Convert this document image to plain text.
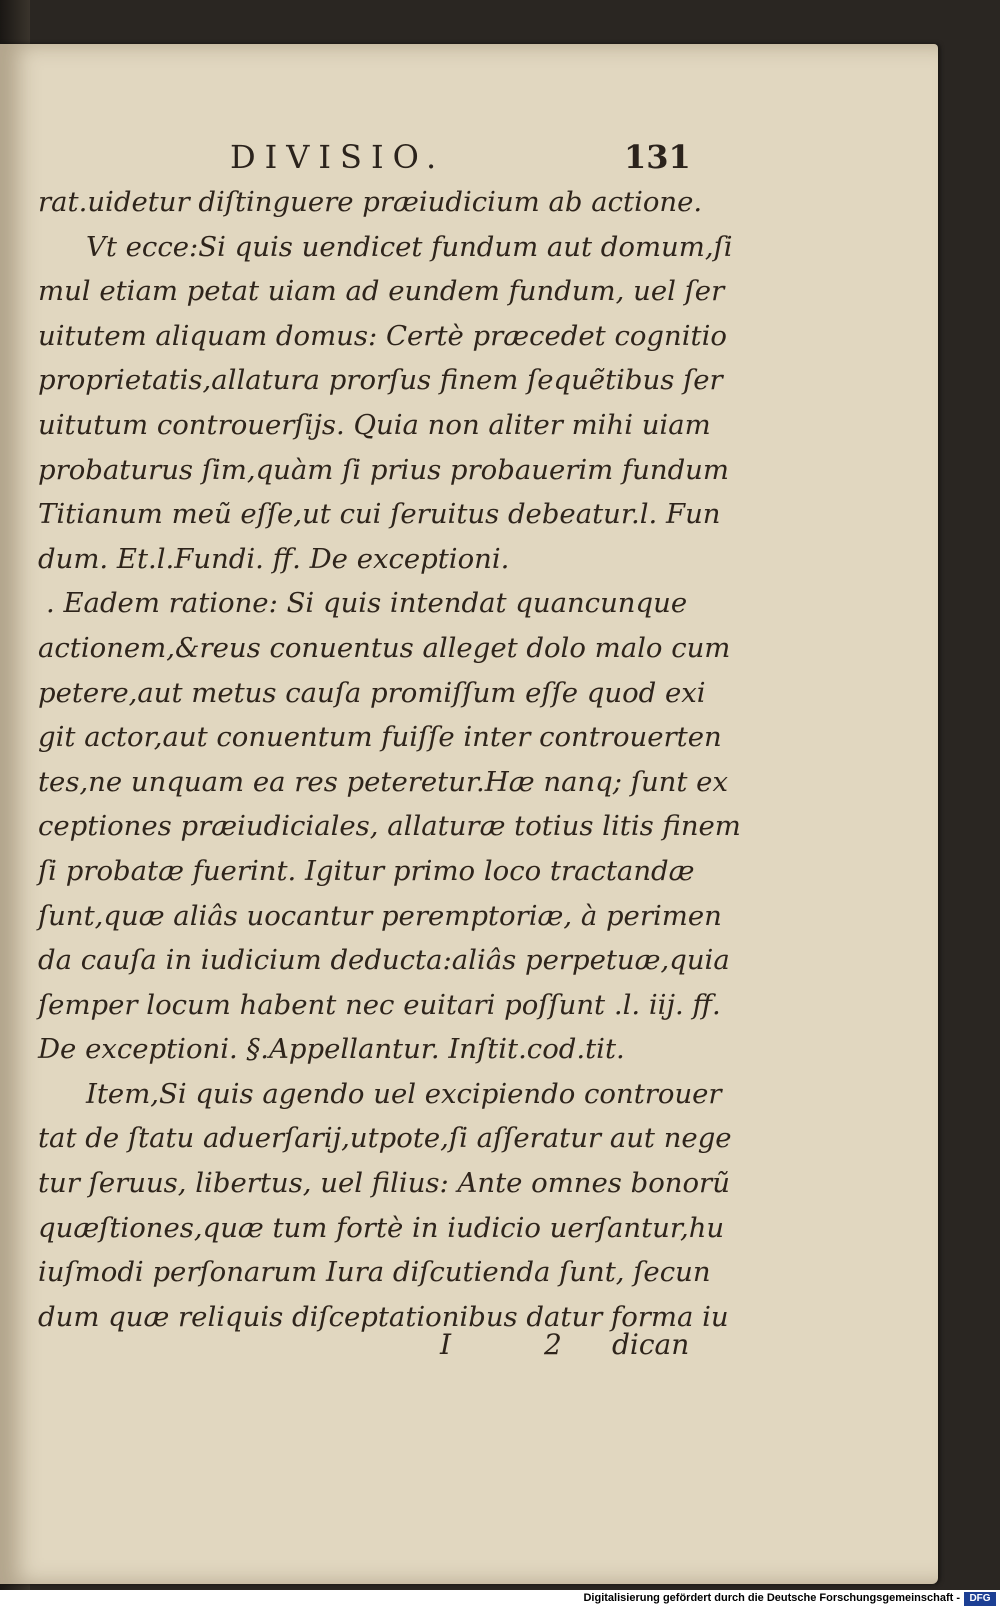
DIVISIO.	131
rat.uidetur diſtinguere præiudicium ab actione.
Vt ecce:Si quis uendicet fundum aut domum,ſi
mul etiam petat uiam ad eundem fundum, uel ſer
uitutem aliquam domus: Certè præcedet cognitio
proprietatis,allatura prorſus finem ſequẽtibus ſer
uitutum controuerſijs. Quia non aliter mihi uiam
probaturus ſim,quàm ſi prius probauerim fundum
Titianum meũ eſſe,ut cui ſeruitus debeatur.l. Fun
dum. Et.l.Fundi. ff. De exceptioni.
. Eadem ratione: Si quis intendat quancunque
actionem,&reus conuentus alleget dolo malo cum
petere,aut metus cauſa promiſſum eſſe quod exi
git actor,aut conuentum fuiſſe inter controuerten
tes,ne unquam ea res peteretur.Hæ nanq; ſunt ex
ceptiones præiudiciales, allaturæ totius litis finem
ſi probatæ fuerint. Igitur primo loco tractandæ
ſunt,quæ aliâs uocantur peremptoriæ, à perimen
da cauſa in iudicium deducta:aliâs perpetuæ,quia
ſemper locum habent nec euitari poſſunt .l. iij. ff.
De exceptioni. §.Appellantur. Inſtit.cod.tit.
Item,Si quis agendo uel excipiendo controuer
tat de ſtatu aduerſarij,utpote,ſi aſſeratur aut nege
tur ſeruus, libertus, uel filius: Ante omnes bonorũ
quæſtiones,quæ tum fortè in iudicio uerſantur,hu
iuſmodi perſonarum Iura diſcutienda ſunt, ſecun
dum quæ reliquis diſceptationibus datur forma iu
I 2 dican
Digitalisierung gefördert durch die Deutsche Forschungsgemeinschaft - DFG
